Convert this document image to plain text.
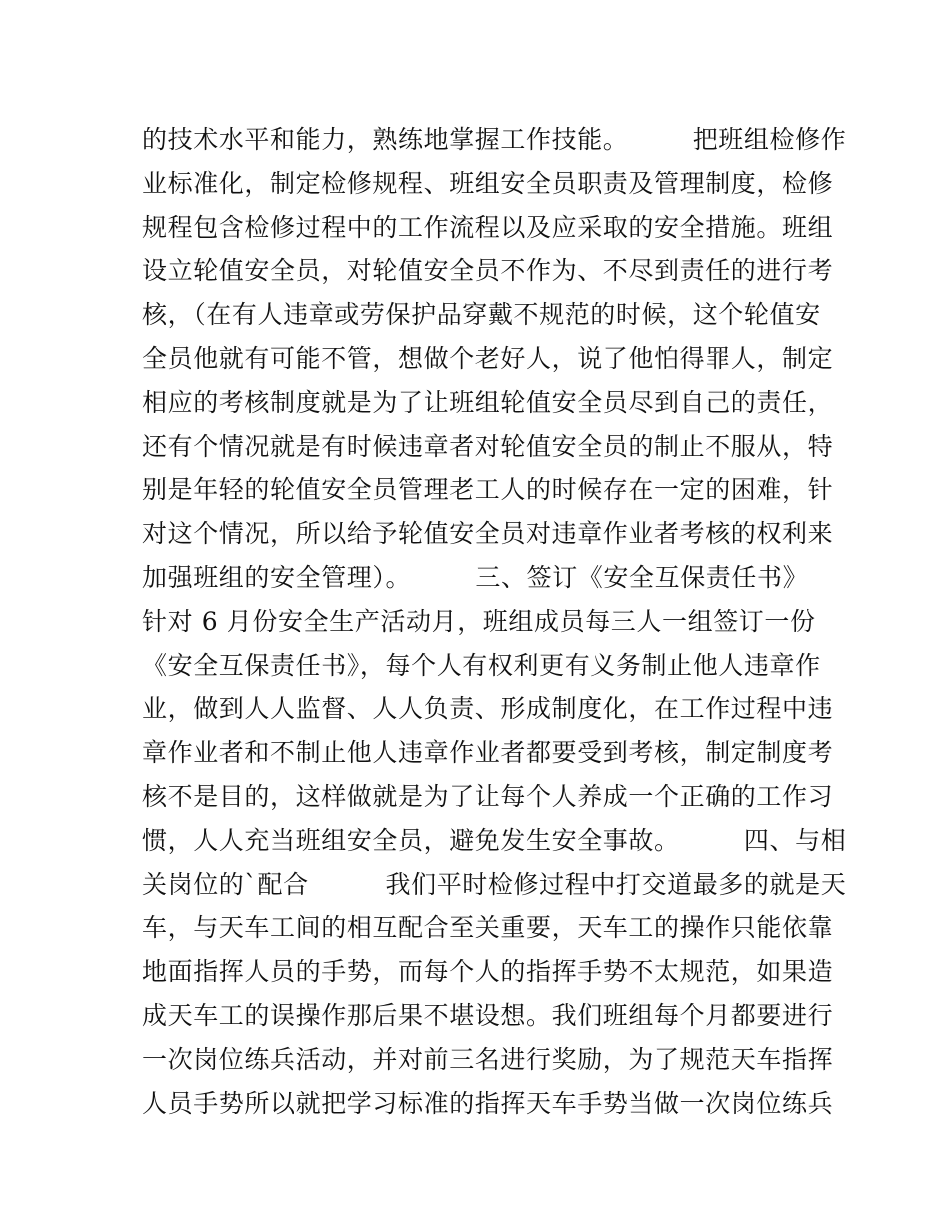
的技术水平和能力，熟练地掌握工作技能。　　　把班组检修作
业标准化，制定检修规程、班组安全员职责及管理制度，检修
规程包含检修过程中的工作流程以及应采取的安全措施。班组
设立轮值安全员，对轮值安全员不作为、不尽到责任的进行考
核，（在有人违章或劳保护品穿戴不规范的时候，这个轮值安
全员他就有可能不管，想做个老好人，说了他怕得罪人，制定
相应的考核制度就是为了让班组轮值安全员尽到自己的责任，
还有个情况就是有时候违章者对轮值安全员的制止不服从，特
别是年轻的轮值安全员管理老工人的时候存在一定的困难，针
对这个情况，所以给予轮值安全员对违章作业者考核的权利来
加强班组的安全管理）。　　　三、签订《安全互保责任书》
针对 6 月份安全生产活动月，班组成员每三人一组签订一份
《安全互保责任书》，每个人有权利更有义务制止他人违章作
业，做到人人监督、人人负责、形成制度化，在工作过程中违
章作业者和不制止他人违章作业者都要受到考核，制定制度考
核不是目的，这样做就是为了让每个人养成一个正确的工作习
惯，人人充当班组安全员，避免发生安全事故。　　　四、与相
关岗位的`配合　　　我们平时检修过程中打交道最多的就是天
车，与天车工间的相互配合至关重要，天车工的操作只能依靠
地面指挥人员的手势，而每个人的指挥手势不太规范，如果造
成天车工的误操作那后果不堪设想。我们班组每个月都要进行
一次岗位练兵活动，并对前三名进行奖励，为了规范天车指挥
人员手势所以就把学习标准的指挥天车手势当做一次岗位练兵
